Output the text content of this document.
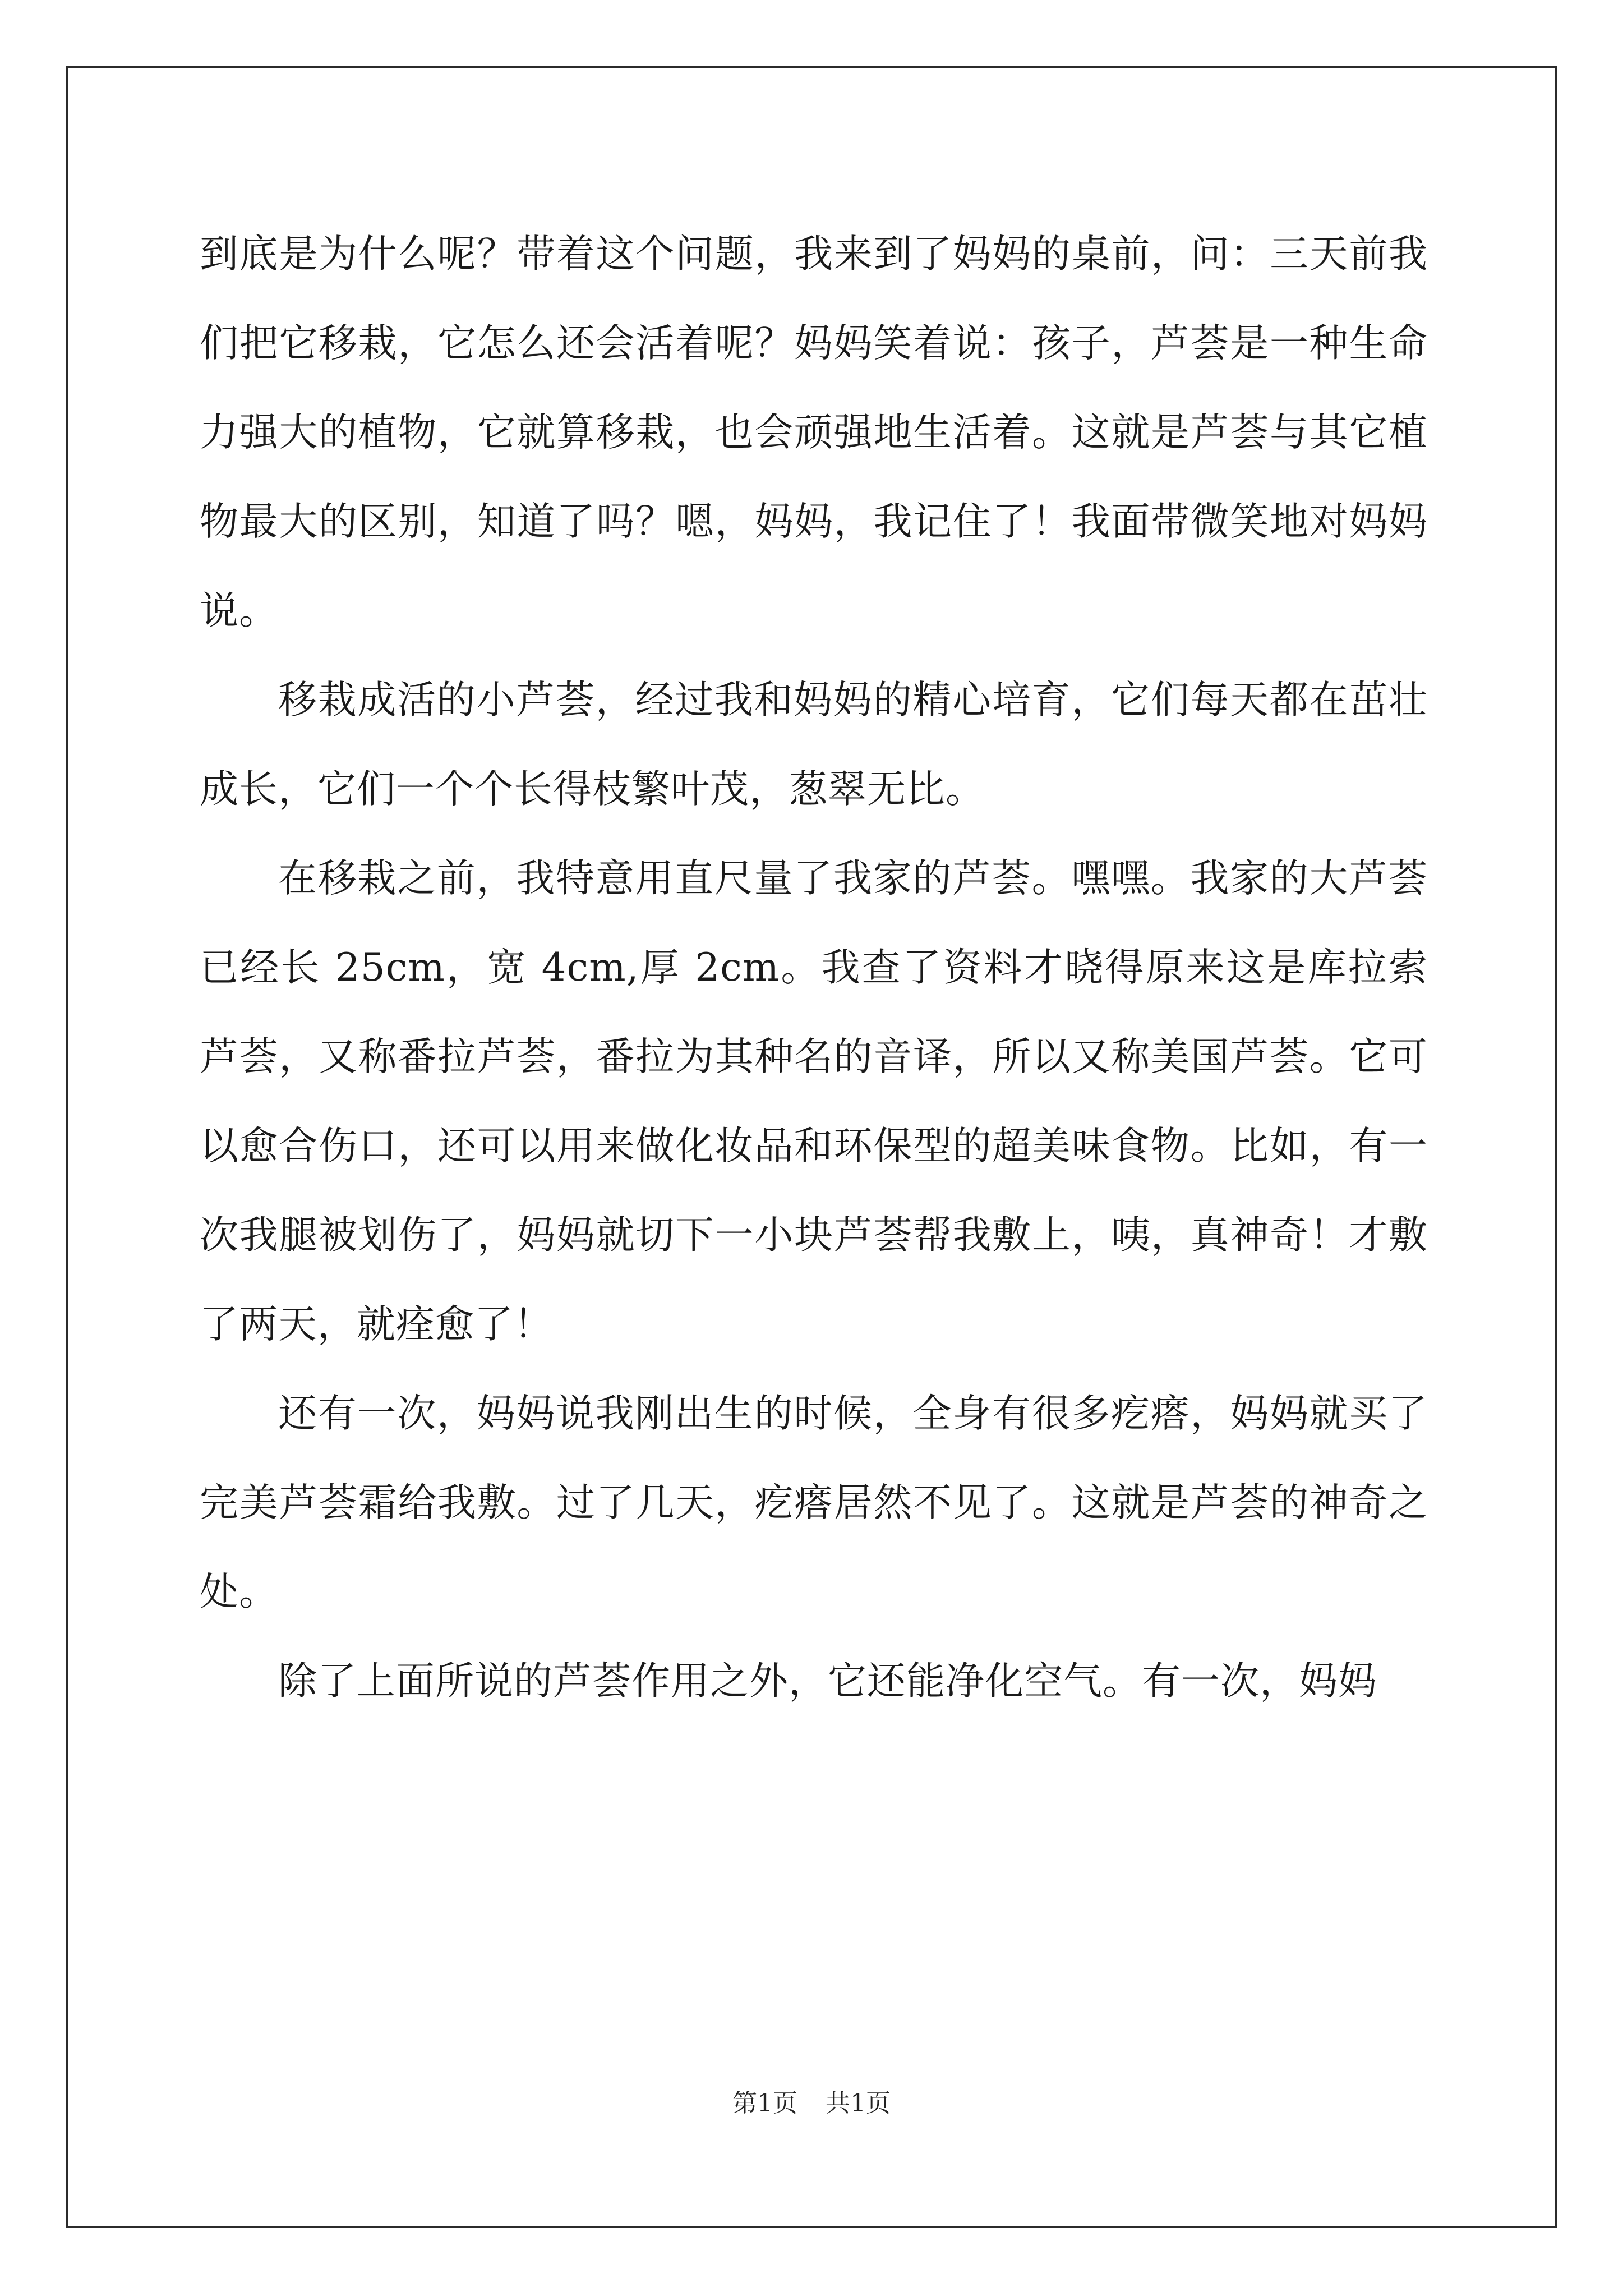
到底是为什么呢？带着这个问题，我来到了妈妈的桌前，问：三天前我们把它移栽，它怎么还会活着呢？妈妈笑着说：孩子，芦荟是一种生命力强大的植物，它就算移栽，也会顽强地生活着。这就是芦荟与其它植物最大的区别，知道了吗？嗯，妈妈，我记住了！我面带微笑地对妈妈说。

移栽成活的小芦荟，经过我和妈妈的精心培育，它们每天都在茁壮成长，它们一个个长得枝繁叶茂，葱翠无比。

在移栽之前，我特意用直尺量了我家的芦荟。嘿嘿。我家的大芦荟已经长 25cm，宽 4cm,厚 2cm。我查了资料才晓得原来这是库拉索芦荟，又称番拉芦荟，番拉为其种名的音译，所以又称美国芦荟。它可以愈合伤口，还可以用来做化妆品和环保型的超美味食物。比如，有一次我腿被划伤了，妈妈就切下一小块芦荟帮我敷上，咦，真神奇！才敷了两天，就痊愈了！

还有一次，妈妈说我刚出生的时候，全身有很多疙瘩，妈妈就买了完美芦荟霜给我敷。过了几天，疙瘩居然不见了。这就是芦荟的神奇之处。

除了上面所说的芦荟作用之外，它还能净化空气。有一次，妈妈

第1页 共1页
